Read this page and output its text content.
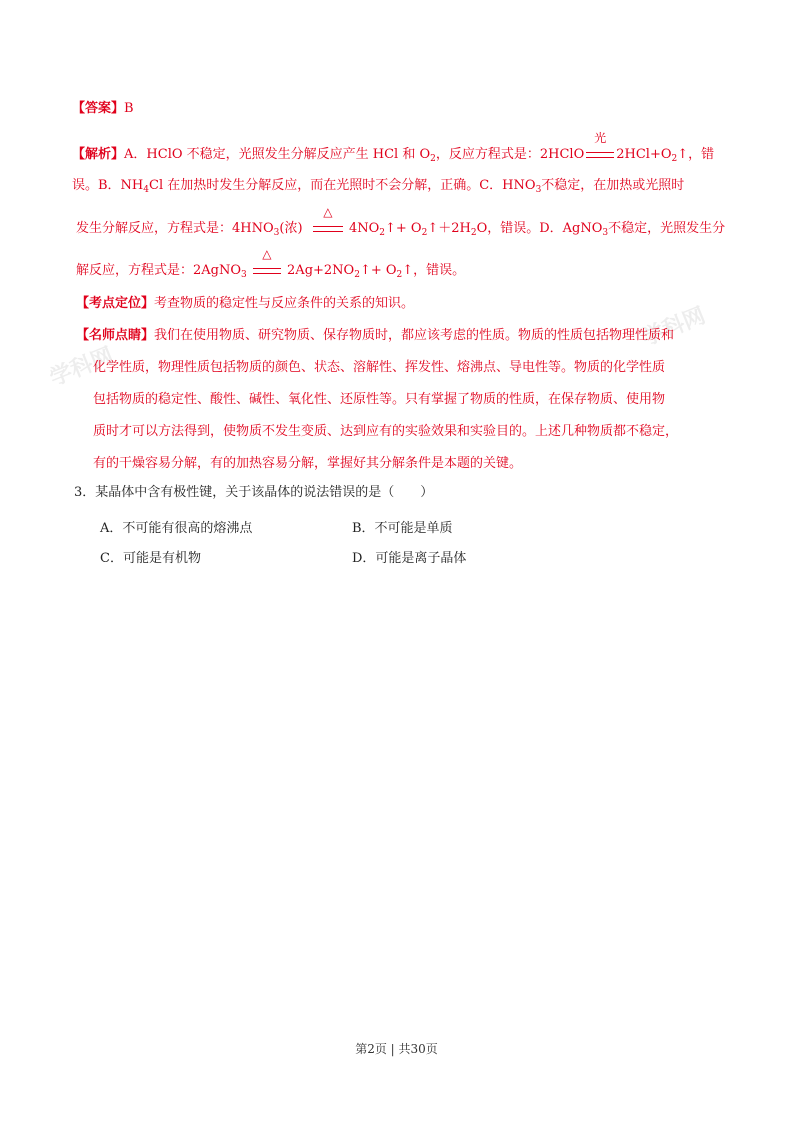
学科网
学科网
【答案】B
【解析】A．HClO 不稳定，光照发生分解反应产生 HCl 和 $O_2$，反应方程式是：2HClO
光
$2HCl+O_2↑$，错
误。B．$NH_4Cl$ 在加热时发生分解反应，而在光照时不会分解，正确。C．$HNO_3$不稳定，在加热或光照时
发生分解反应，方程式是：$4HNO_3$(浓)
△
$4NO_2↑+$ $O_2↑+2H_2O$，错误。D．AgNO$_3$不稳定，光照发生分
解反应，方程式是：2AgNO$_3$
△
$2Ag+2NO_2↑+$ $O_2↑$，错误。
【考点定位】考查物质的稳定性与反应条件的关系的知识。
【名师点睛】我们在使用物质、研究物质、保存物质时，都应该考虑的性质。物质的性质包括物理性质和
化学性质，物理性质包括物质的颜色、状态、溶解性、挥发性、熔沸点、导电性等。物质的化学性质
包括物质的稳定性、酸性、碱性、氧化性、还原性等。只有掌握了物质的性质，在保存物质、使用物
质时才可以方法得到，使物质不发生变质、达到应有的实验效果和实验目的。上述几种物质都不稳定，
有的干燥容易分解，有的加热容易分解，掌握好其分解条件是本题的关键。
3．某晶体中含有极性键，关于该晶体的说法错误的是（　　）
A．不可能有很高的熔沸点	B．不可能是单质
C．可能是有机物	D．可能是离子晶体
第2页 | 共30页
